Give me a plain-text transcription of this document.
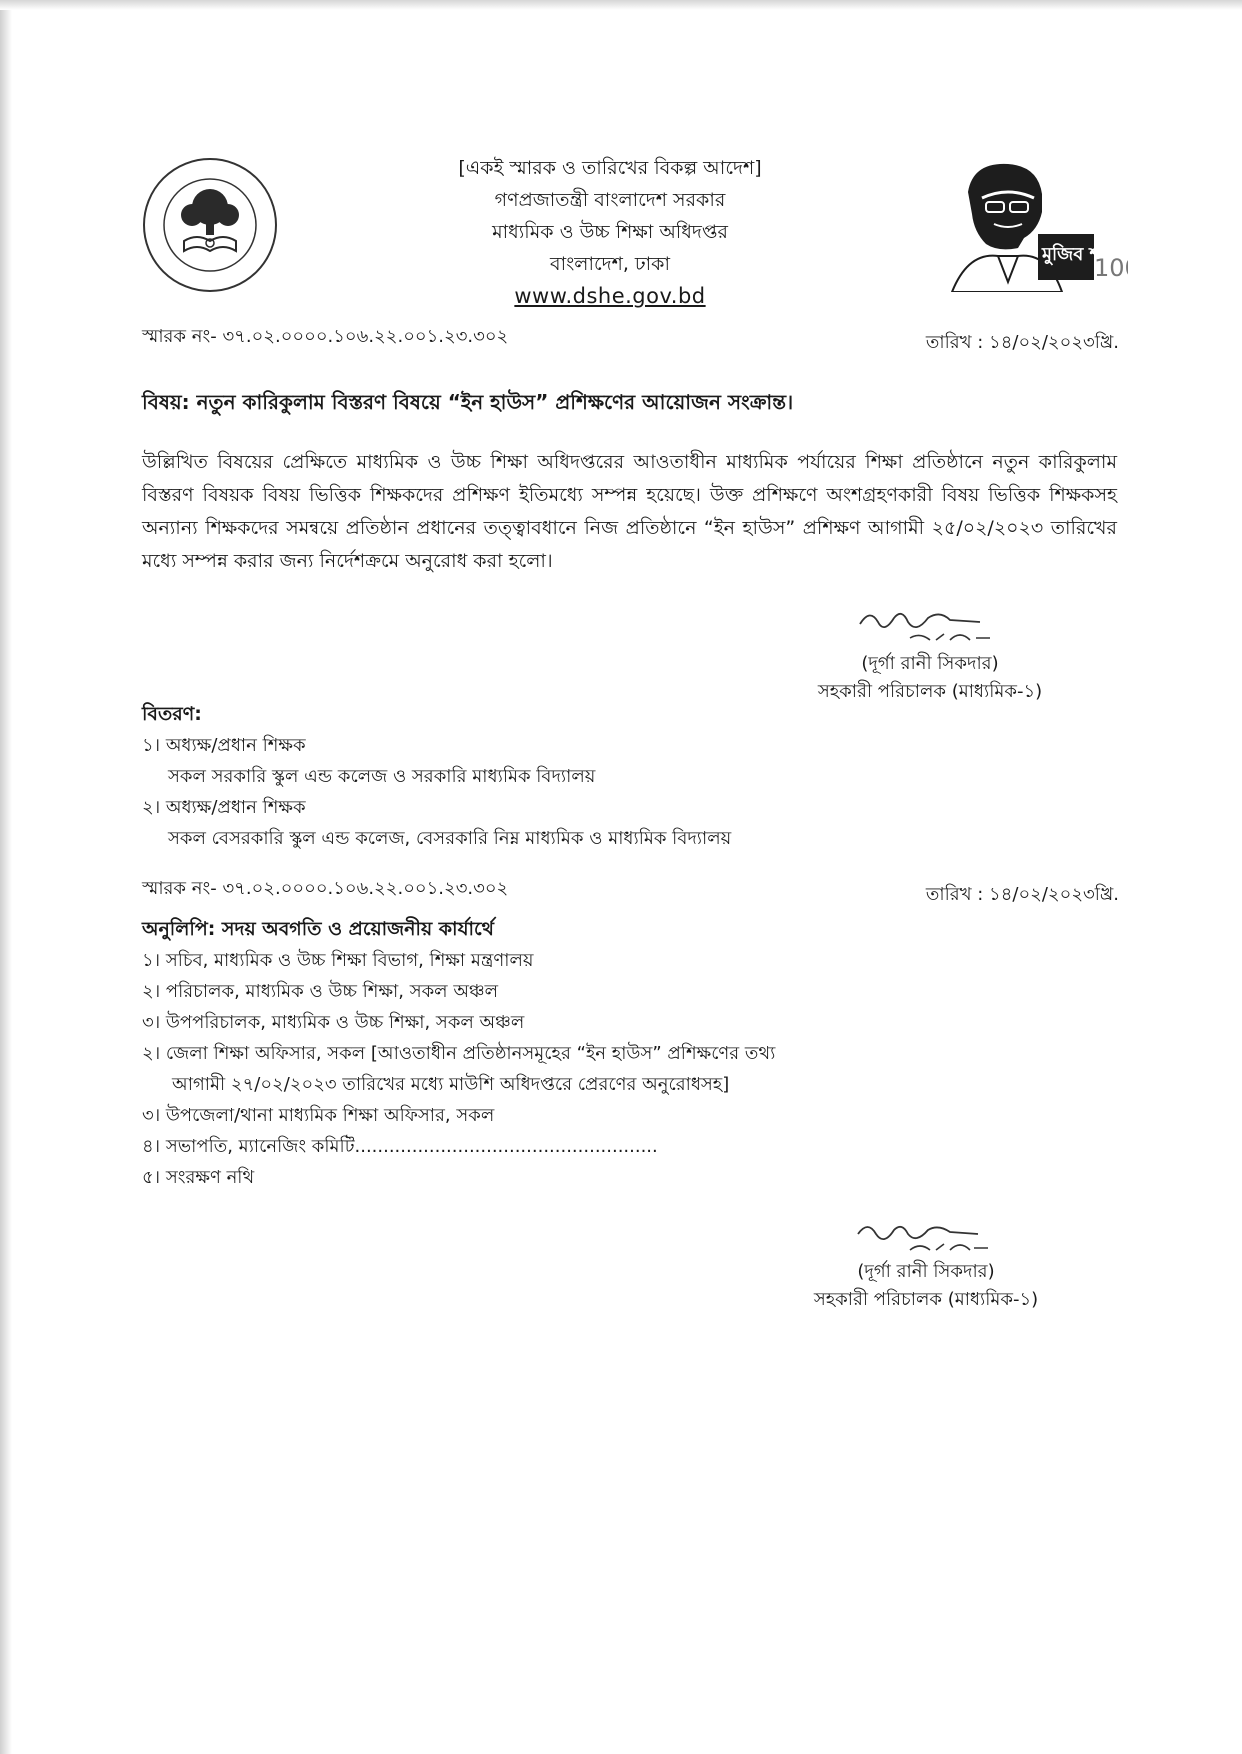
মুজিব শতবর্ষ
10
[একই স্মারক ও তারিখের বিকল্প আদেশ]
গণপ্রজাতন্ত্রী বাংলাদেশ সরকার
মাধ্যমিক ও উচ্চ শিক্ষা অধিদপ্তর
বাংলাদেশ, ঢাকা
www.dshe.gov.bd
স্মারক নং- ৩৭.০২.০০০০.১০৬.২২.০০১.২৩.৩০২	তারিখ : ১৪/০২/২০২৩খ্রি.
বিষয়: নতুন কারিকুলাম বিস্তরণ বিষয়ে “ইন হাউস” প্রশিক্ষণের আয়োজন সংক্রান্ত।
উল্লিখিত বিষয়ের প্রেক্ষিতে মাধ্যমিক ও উচ্চ শিক্ষা অধিদপ্তরের আওতাধীন মাধ্যমিক পর্যায়ের শিক্ষা প্রতিষ্ঠানে নতুন কারিকুলাম বিস্তরণ বিষয়ক বিষয় ভিত্তিক শিক্ষকদের প্রশিক্ষণ ইতিমধ্যে সম্পন্ন হয়েছে। উক্ত প্রশিক্ষণে অংশগ্রহণকারী বিষয় ভিত্তিক শিক্ষকসহ অন্যান্য শিক্ষকদের সমন্বয়ে প্রতিষ্ঠান প্রধানের তত্ত্বাবধানে নিজ প্রতিষ্ঠানে “ইন হাউস” প্রশিক্ষণ আগামী ২৫/০২/২০২৩ তারিখের মধ্যে সম্পন্ন করার জন্য নির্দেশক্রমে অনুরোধ করা হলো।
(দূর্গা রানী সিকদার)
সহকারী পরিচালক (মাধ্যমিক-১)
বিতরণ:
১। অধ্যক্ষ/প্রধান শিক্ষক
সকল সরকারি স্কুল এন্ড কলেজ ও সরকারি মাধ্যমিক বিদ্যালয়
২। অধ্যক্ষ/প্রধান শিক্ষক
সকল বেসরকারি স্কুল এন্ড কলেজ, বেসরকারি নিম্ন মাধ্যমিক ও মাধ্যমিক বিদ্যালয়
স্মারক নং- ৩৭.০২.০০০০.১০৬.২২.০০১.২৩.৩০২	তারিখ : ১৪/০২/২০২৩খ্রি.
অনুলিপি: সদয় অবগতি ও প্রয়োজনীয় কার্যার্থে
১। সচিব, মাধ্যমিক ও উচ্চ শিক্ষা বিভাগ, শিক্ষা মন্ত্রণালয়
২। পরিচালক, মাধ্যমিক ও উচ্চ শিক্ষা, সকল অঞ্চল
৩। উপপরিচালক, মাধ্যমিক ও উচ্চ শিক্ষা, সকল অঞ্চল
২। জেলা শিক্ষা অফিসার, সকল [আওতাধীন প্রতিষ্ঠানসমূহের “ইন হাউস” প্রশিক্ষণের তথ্য
আগামী ২৭/০২/২০২৩ তারিখের মধ্যে মাউশি অধিদপ্তরে প্রেরণের অনুরোধসহ]
৩। উপজেলা/থানা মাধ্যমিক শিক্ষা অফিসার, সকল
৪। সভাপতি, ম্যানেজিং কমিটি.....................................................
৫। সংরক্ষণ নথি
(দূর্গা রানী সিকদার)
সহকারী পরিচালক (মাধ্যমিক-১)
